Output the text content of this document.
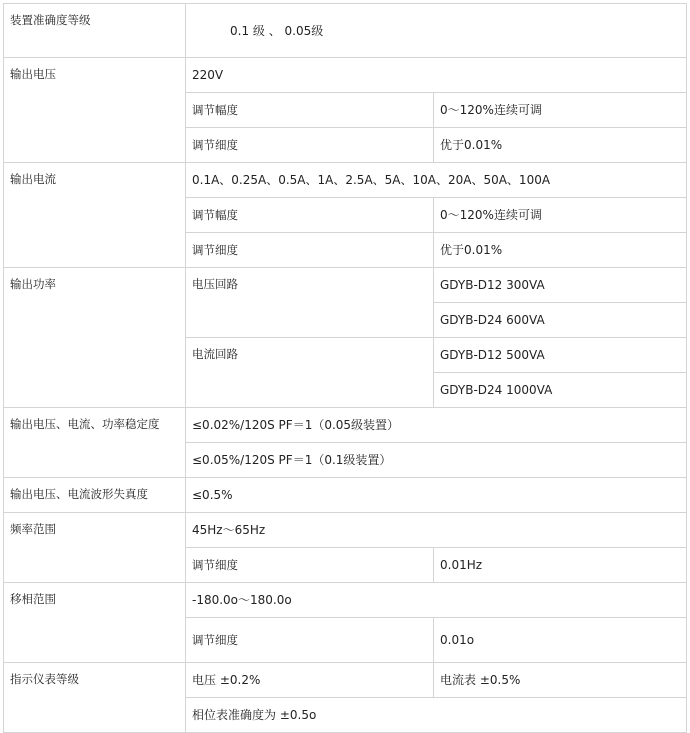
装置准确度等级	0.1 级 、 0.05级	
输出电压	220V	
	调节幅度	0～120%连续可调
	调节细度	优于0.01%
输出电流	0.1A、0.25A、0.5A、1A、2.5A、5A、10A、20A、50A、100A	
	调节幅度	0～120%连续可调
	调节细度	优于0.01%
输出功率	电压回路	GDYB-D12 300VA
		GDYB-D24 600VA
	电流回路	GDYB-D12 500VA
		GDYB-D24 1000VA
输出电压、电流、功率稳定度	≤0.02%/120S PF＝1（0.05级装置）	
	≤0.05%/120S PF＝1（0.1级装置）	
输出电压、电流波形失真度	≤0.5%	
频率范围	45Hz～65Hz	
	调节细度	0.01Hz
移相范围	-180.0o～180.0o	
	调节细度	0.01o
指示仪表等级	电压 ±0.2%	电流表 ±0.5%
	相位表准确度为 ±0.5o	
